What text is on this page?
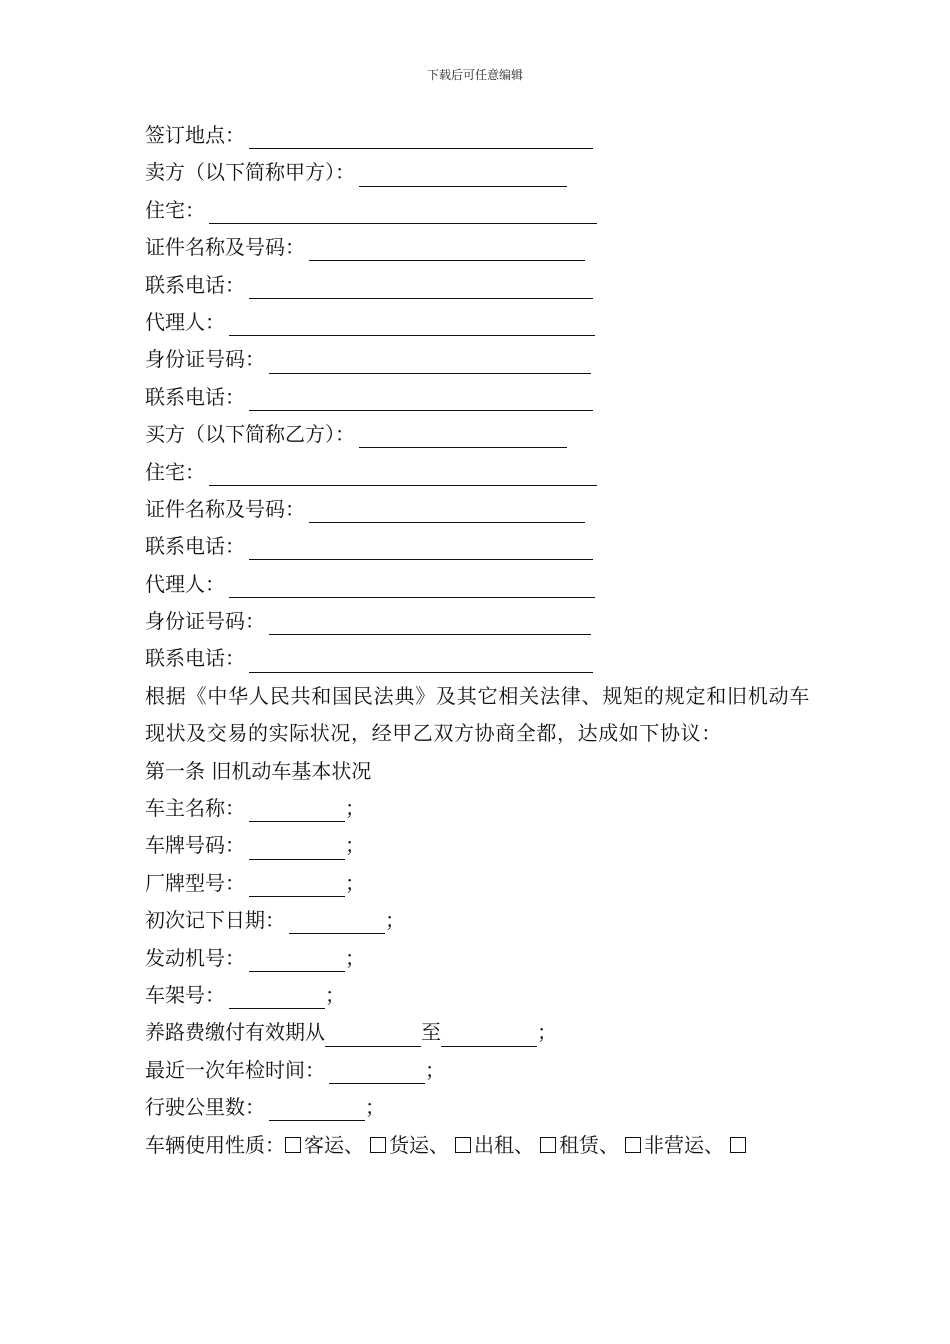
下载后可任意编辑
签订地点：
卖方（以下简称甲方）：
住宅：
证件名称及号码：
联系电话：
代理人：
身份证号码：
联系电话：
买方（以下简称乙方）：
住宅：
证件名称及号码：
联系电话：
代理人：
身份证号码：
联系电话：
根据《中华人民共和国民法典》及其它相关法律、规矩的规定和旧机动车现状及交易的实际状况，经甲乙双方协商全都，达成如下协议：
第一条 旧机动车基本状况
车主名称：	；
车牌号码：	；
厂牌型号：	；
初次记下日期：	；
发动机号：	；
车架号：	；
养路费缴付有效期从	至	；
最近一次年检时间：	；
行驶公里数：	；
车辆使用性质： 客运、 货运、 出租、 租赁、 非营运、
